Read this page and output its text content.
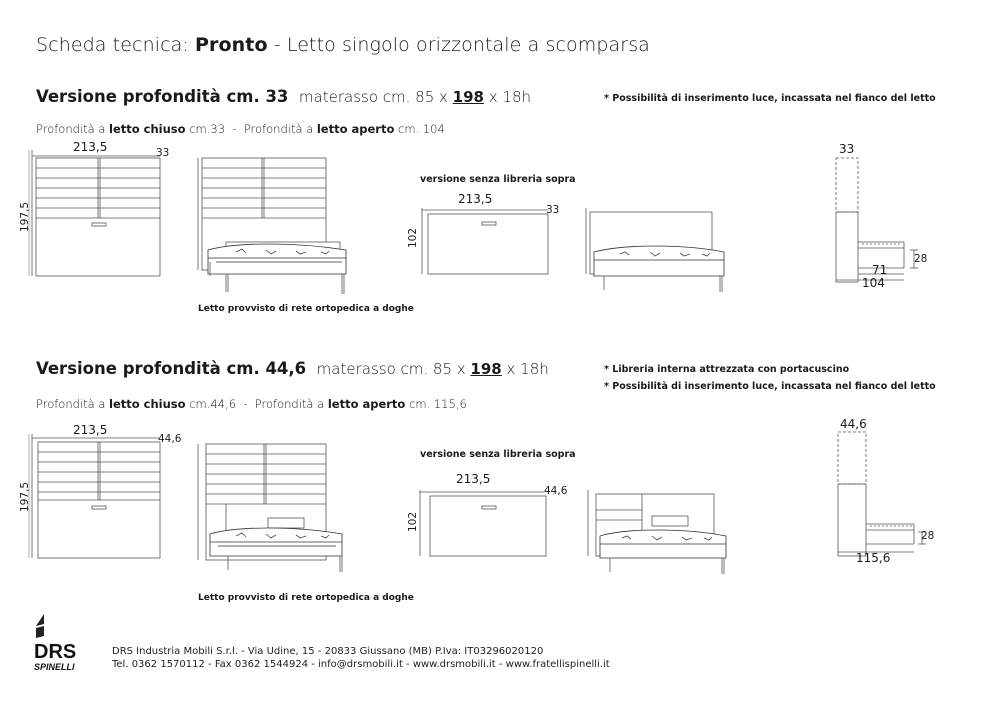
Scheda tecnica: Pronto - Letto singolo orizzontale a scomparsa
Versione profondità cm. 33 materasso cm. 85 x 198 x 18h	* Possibilità di inserimento luce, incassata nel fianco del letto
Profondità a letto chiuso cm.33  -  Profondità a letto aperto cm. 104
213,5	33
197,5
Letto provvisto di rete ortopedica a doghe
versione senza libreria sopra
213,5
33
102
33
28
71
104
Versione profondità cm. 44,6 materasso cm. 85 x 198 x 18h	* Libreria interna attrezzata con portacuscino
* Possibilità di inserimento luce, incassata nel fianco del letto
Profondità a letto chiuso cm.44,6  -  Profondità a letto aperto cm. 115,6
213,5
44,6
197,5
Letto provvisto di rete ortopedica a doghe
versione senza libreria sopra
213,5
44,6
102
44,6
28
115,6
DRS
SPINELLI
DRS Industria Mobili S.r.l. - Via Udine, 15 - 20833 Giussano (MB) P.Iva: IT03296020120
Tel. 0362 1570112 - Fax 0362 1544924 - info@drsmobili.it - www.drsmobili.it - www.fratellispinelli.it
